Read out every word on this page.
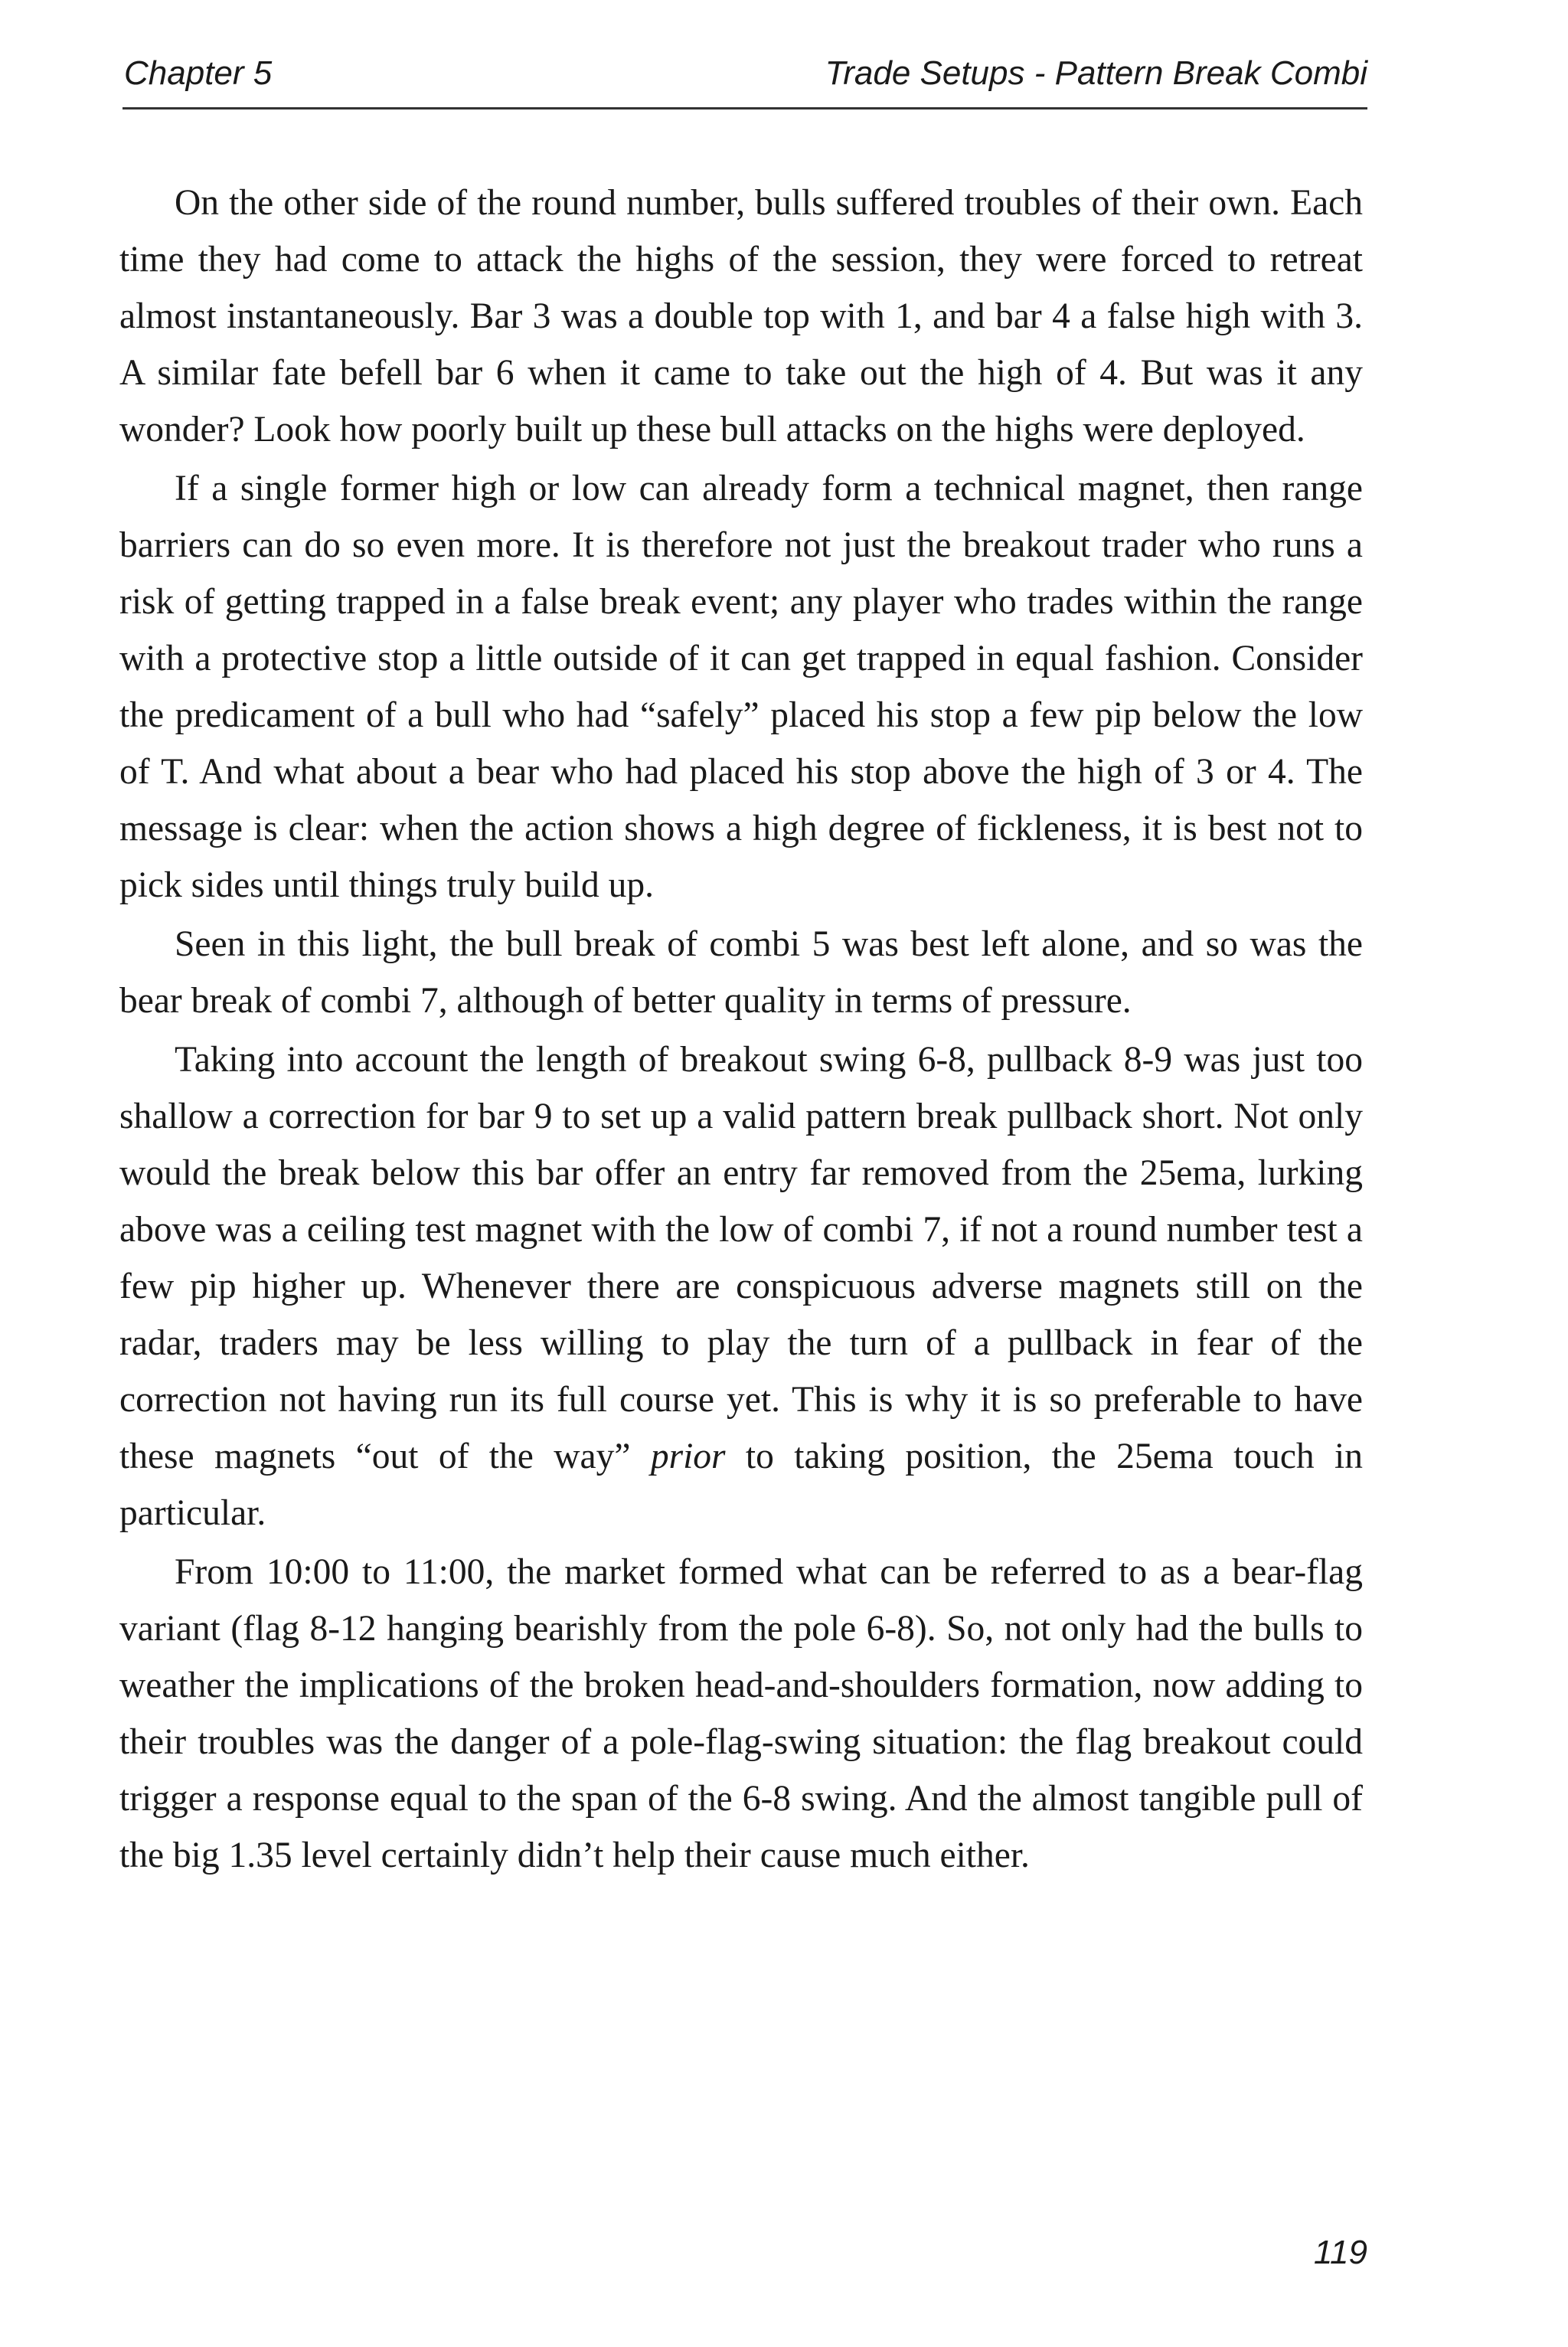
Chapter 5	Trade Setups - Pattern Break Combi

On the other side of the round number, bulls suffered troubles of their own. Each time they had come to attack the highs of the session, they were forced to retreat almost instantaneously. Bar 3 was a double top with 1, and bar 4 a false high with 3. A similar fate befell bar 6 when it came to take out the high of 4. But was it any wonder? Look how poorly built up these bull attacks on the highs were deployed.

If a single former high or low can already form a technical magnet, then range barriers can do so even more. It is therefore not just the breakout trader who runs a risk of getting trapped in a false break event; any player who trades within the range with a protective stop a little outside of it can get trapped in equal fashion. Consider the predicament of a bull who had “safely” placed his stop a few pip below the low of T. And what about a bear who had placed his stop above the high of 3 or 4. The message is clear: when the action shows a high degree of fickleness, it is best not to pick sides until things truly build up.

Seen in this light, the bull break of combi 5 was best left alone, and so was the bear break of combi 7, although of better quality in terms of pressure.

Taking into account the length of breakout swing 6-8, pullback 8-9 was just too shallow a correction for bar 9 to set up a valid pattern break pullback short. Not only would the break below this bar offer an entry far removed from the 25ema, lurking above was a ceiling test magnet with the low of combi 7, if not a round number test a few pip higher up. Whenever there are conspicuous adverse magnets still on the radar, traders may be less willing to play the turn of a pullback in fear of the correction not having run its full course yet. This is why it is so preferable to have these magnets “out of the way” prior to taking position, the 25ema touch in particular.

From 10:00 to 11:00, the market formed what can be referred to as a bear-flag variant (flag 8-12 hanging bearishly from the pole 6-8). So, not only had the bulls to weather the implications of the broken head-and-shoulders formation, now adding to their troubles was the danger of a pole-flag-swing situation: the flag breakout could trigger a response equal to the span of the 6-8 swing. And the almost tangible pull of the big 1.35 level certainly didn’t help their cause much either.

119
